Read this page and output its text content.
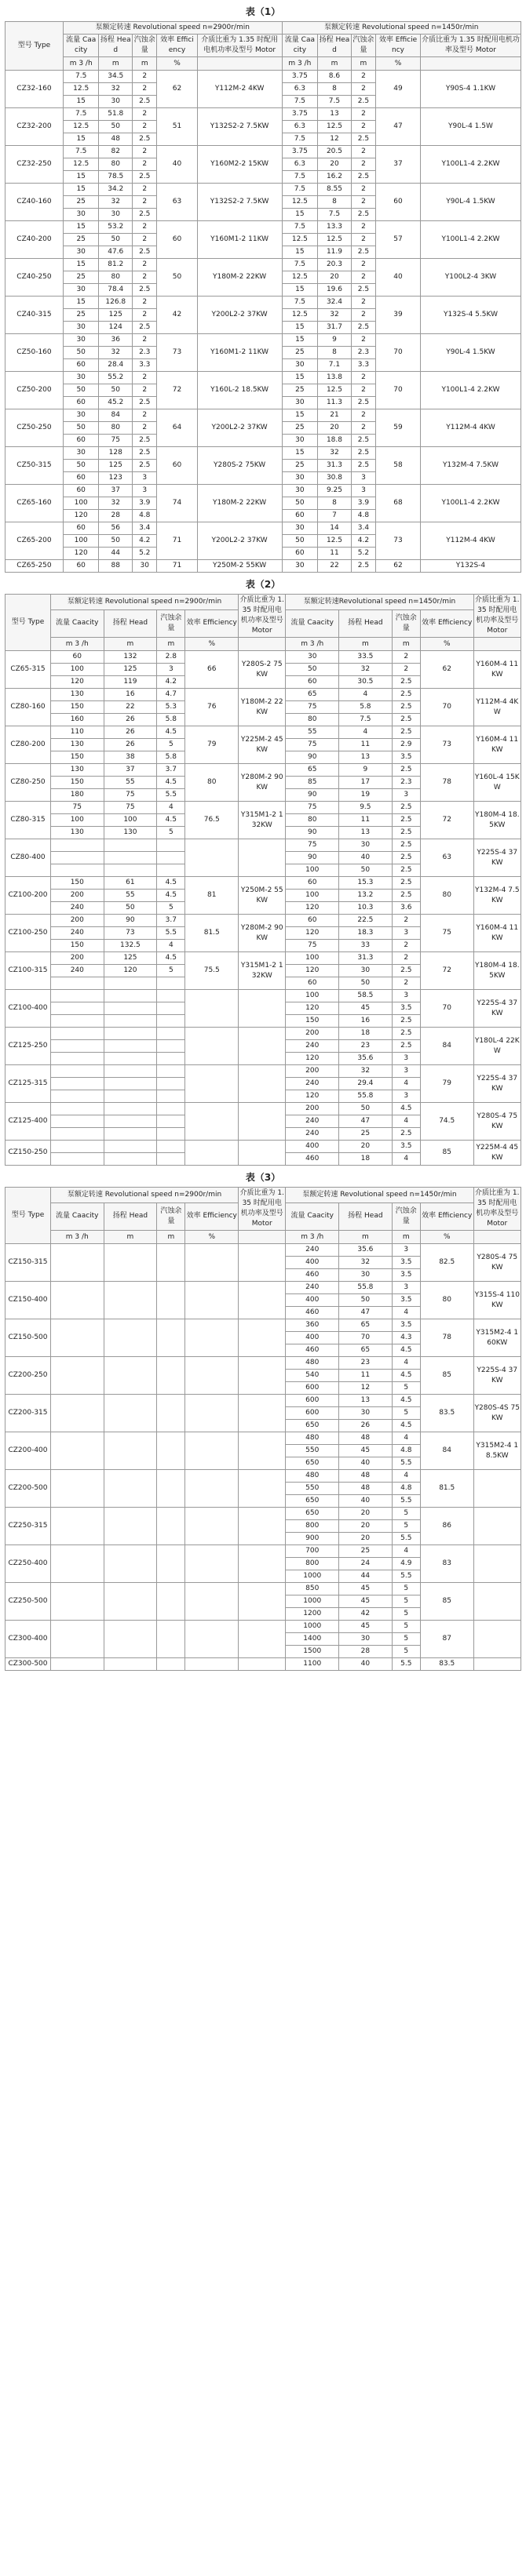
表（1）
型号 Type	泵额定转速 Revolutional speed n=2900r/min					泵额定转速 Revolutional speed n=1450r/min				
	流量 Caacity	扬程 Head	汽蚀余量	效率 Efficiency	介质比重为 1.35 时配用电机功率及型号 Motor	流量 Caacity	扬程 Head	汽蚀余量	效率 Efficiency	介质比重为 1.35 时配用电机功率及型号 Motor
	m 3 /h	m	m	%		m 3 /h	m	m	%	
CZ32-160	7.5	34.5	2	62	Y112M-2 4KW	3.75	8.6	2	49	Y90S-4 1.1KW
	12.5	32	2			6.3	8	2		
	15	30	2.5			7.5	7.5	2.5		
CZ32-200	7.5	51.8	2	51	Y132S2-2 7.5KW	3.75	13	2	47	Y90L-4 1.5W
	12.5	50	2			6.3	12.5	2		
	15	48	2.5			7.5	12	2.5		
CZ32-250	7.5	82	2	40	Y160M2-2 15KW	3.75	20.5	2	37	Y100L1-4 2.2KW
	12.5	80	2			6.3	20	2		
	15	78.5	2.5			7.5	16.2	2.5		
CZ40-160	15	34.2	2	63	Y132S2-2 7.5KW	7.5	8.55	2	60	Y90L-4 1.5KW
	25	32	2			12.5	8	2		
	30	30	2.5			15	7.5	2.5		
CZ40-200	15	53.2	2	60	Y160M1-2 11KW	7.5	13.3	2	57	Y100L1-4 2.2KW
	25	50	2			12.5	12.5	2		
	30	47.6	2.5			15	11.9	2.5		
CZ40-250	15	81.2	2	50	Y180M-2 22KW	7.5	20.3	2	40	Y100L2-4 3KW
	25	80	2			12.5	20	2		
	30	78.4	2.5			15	19.6	2.5		
CZ40-315	15	126.8	2	42	Y200L2-2 37KW	7.5	32.4	2	39	Y132S-4 5.5KW
	25	125	2			12.5	32	2		
	30	124	2.5			15	31.7	2.5		
CZ50-160	30	36	2	73	Y160M1-2 11KW	15	9	2	70	Y90L-4 1.5KW
	50	32	2.3			25	8	2.3		
	60	28.4	3.3			30	7.1	3.3		
CZ50-200	30	55.2	2	72	Y160L-2 18.5KW	15	13.8	2	70	Y100L1-4 2.2KW
	50	50	2			25	12.5	2		
	60	45.2	2.5			30	11.3	2.5		
CZ50-250	30	84	2	64	Y200L2-2 37KW	15	21	2	59	Y112M-4 4KW
	50	80	2			25	20	2		
	60	75	2.5			30	18.8	2.5		
CZ50-315	30	128	2.5	60	Y280S-2 75KW	15	32	2.5	58	Y132M-4 7.5KW
	50	125	2.5			25	31.3	2.5		
	60	123	3			30	30.8	3		
CZ65-160	60	37	3	74	Y180M-2 22KW	30	9.25	3	68	Y100L1-4 2.2KW
	100	32	3.9			50	8	3.9		
	120	28	4.8			60	7	4.8		
CZ65-200	60	56	3.4	71	Y200L2-2 37KW	30	14	3.4	73	Y112M-4 4KW
	100	50	4.2			50	12.5	4.2		
	120	44	5.2			60	11	5.2		
CZ65-250	60	88	30	71	Y250M-2 55KW	30	22	2.5	62	Y132S-4
表（2）
型号 Type	泵额定转速 Revolutional speed n=2900r/min				介质比重为 1.35 时配用电机功率及型号 Motor	泵额定转速Revolutional speed n=1450r/min				介质比重为 1.35 时配用电机功率及型号 Motor
	流量 Caacity	扬程 Head	汽蚀余量	效率 Efficiency		流量 Caacity	扬程 Head	汽蚀余量	效率 Efficiency	
	m 3 /h	m	m	%		m 3 /h	m	m	%	
CZ65-315	60	132	2.8	66	Y280S-2 75KW	30	33.5	2	62	Y160M-4 11KW
	100	125	3			50	32	2		
	120	119	4.2			60	30.5	2.5		
CZ80-160	130	16	4.7	76	Y180M-2 22KW	65	4	2.5	70	Y112M-4 4KW
	150	22	5.3			75	5.8	2.5		
	160	26	5.8			80	7.5	2.5		
CZ80-200	110	26	4.5	79	Y225M-2 45KW	55	4	2.5	73	Y160M-4 11KW
	130	26	5			75	11	2.9		
	150	38	5.8			90	13	3.5		
CZ80-250	130	37	3.7	80	Y280M-2 90KW	65	9	2.5	78	Y160L-4 15KW
	150	55	4.5			85	17	2.3		
	180	75	5.5			90	19	3		
CZ80-315	75	75	4	76.5	Y315M1-2 132KW	75	9.5	2.5	72	Y180M-4 18.5KW
	100	100	4.5			80	11	2.5		
	130	130	5			90	13	2.5		
CZ80-400						75	30	2.5	63	Y225S-4 37KW
						90	40	2.5		
						100	50	2.5		
CZ100-200	150	61	4.5	81	Y250M-2 55KW	60	15.3	2.5	80	Y132M-4 7.5KW
	200	55	4.5			100	13.2	2.5		
	240	50	5			120	10.3	3.6		
CZ100-250	200	90	3.7	81.5	Y280M-2 90KW	60	22.5	2	75	Y160M-4 11KW
	240	73	5.5			120	18.3	3		
	150	132.5	4			75	33	2		
CZ100-315	200	125	4.5	75.5	Y315M1-2 132KW	100	31.3	2	72	Y180M-4 18.5KW
	240	120	5			120	30	2.5		
						60	50	2		
CZ100-400						100	58.5	3	70	Y225S-4 37KW
						120	45	3.5		
						150	16	2.5		
CZ125-250						200	18	2.5	84	Y180L-4 22KW
						240	23	2.5		
						120	35.6	3		
CZ125-315						200	32	3	79	Y225S-4 37KW
						240	29.4	4		
						120	55.8	3		
CZ125-400						200	50	4.5	74.5	Y280S-4 75KW
						240	47	4		
						240	25	2.5		
CZ150-250						400	20	3.5	85	Y225M-4 45KW
						460	18	4		
表（3）
型号 Type	泵额定转速 Revolutional speed n=2900r/min				介质比重为 1.35 时配用电机功率及型号 Motor	泵额定转速 Revolutional speed n=1450r/min				介质比重为 1.35 时配用电机功率及型号 Motor
	流量 Caacity	扬程 Head	汽蚀余量	效率 Efficiency		流量 Caacity	扬程 Head	汽蚀余量	效率 Efficiency	
	m 3 /h	m	m	%		m 3 /h	m	m	%	
CZ150-315						240	35.6	3	82.5	Y280S-4 75KW
						400	32	3.5		
						460	30	3.5		
CZ150-400						240	55.8	3	80	Y315S-4 110KW
						400	50	3.5		
						460	47	4		
CZ150-500						360	65	3.5	78	Y315M2-4 160KW
						400	70	4.3		
						460	65	4.5		
CZ200-250						480	23	4	85	Y225S-4 37KW
						540	11	4.5		
						600	12	5		
CZ200-315						600	13	4.5	83.5	Y280S-4S 75KW
						600	30	5		
						650	26	4.5		
CZ200-400						480	48	4	84	Y315M2-4 18.5KW
						550	45	4.8		
						650	40	5.5		
CZ200-500						480	48	4	81.5	
						550	48	4.8		
						650	40	5.5		
CZ250-315						650	20	5	86	
						800	20	5		
						900	20	5.5		
CZ250-400						700	25	4	83	
						800	24	4.9		
						1000	44	5.5		
CZ250-500						850	45	5	85	
						1000	45	5		
						1200	42	5		
CZ300-400						1000	45	5	87	
						1400	30	5		
						1500	28	5		
CZ300-500						1100	40	5.5	83.5	
